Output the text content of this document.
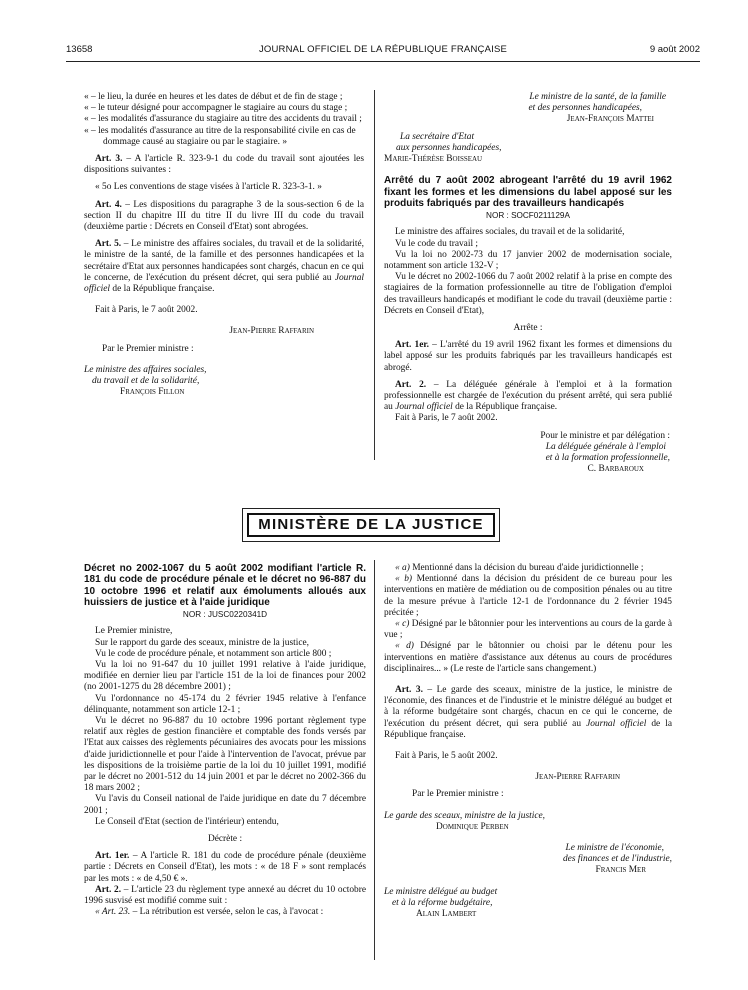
13658	JOURNAL OFFICIEL DE LA RÉPUBLIQUE FRANÇAISE	9 août 2002

« – le lieu, la durée en heures et les dates de début et de fin de stage ;

« – le tuteur désigné pour accompagner le stagiaire au cours du stage ;

« – les modalités d'assurance du stagiaire au titre des accidents du travail ;

« – les modalités d'assurance au titre de la responsabilité civile en cas de dommage causé au stagiaire ou par le stagiaire. »

Art. 3. – A l'article R. 323-9-1 du code du travail sont ajoutées les dispositions suivantes :

« 5o Les conventions de stage visées à l'article R. 323-3-1. »

Art. 4. – Les dispositions du paragraphe 3 de la sous-section 6 de la section II du chapitre III du titre II du livre III du code du travail (deuxième partie : Décrets en Conseil d'Etat) sont abrogées.

Art. 5. – Le ministre des affaires sociales, du travail et de la solidarité, le ministre de la santé, de la famille et des personnes handicapées et la secrétaire d'Etat aux personnes handicapées sont chargés, chacun en ce qui le concerne, de l'exécution du présent décret, qui sera publié au Journal officiel de la République française.

Fait à Paris, le 7 août 2002.

Jean-Pierre Raffarin

Par le Premier ministre :

Le ministre des affaires sociales,

du travail et de la solidarité,

François Fillon

Le ministre de la santé, de la famille

et des personnes handicapées,

Jean-François Mattei

La secrétaire d'Etat

aux personnes handicapées,

Marie-Thérèse Boisseau

Arrêté du 7 août 2002 abrogeant l'arrêté du 19 avril 1962 fixant les formes et les dimensions du label apposé sur les produits fabriqués par des travailleurs handicapés

NOR : SOCF0211129A

Le ministre des affaires sociales, du travail et de la solidarité,

Vu le code du travail ;

Vu la loi no 2002-73 du 17 janvier 2002 de modernisation sociale, notamment son article 132-V ;

Vu le décret no 2002-1066 du 7 août 2002 relatif à la prise en compte des stagiaires de la formation professionnelle au titre de l'obligation d'emploi des travailleurs handicapés et modifiant le code du travail (deuxième partie : Décrets en Conseil d'Etat),

Arrête :

Art. 1er. – L'arrêté du 19 avril 1962 fixant les formes et dimensions du label apposé sur les produits fabriqués par les travailleurs handicapés est abrogé.

Art. 2. – La déléguée générale à l'emploi et à la formation professionnelle est chargée de l'exécution du présent arrêté, qui sera publié au Journal officiel de la République française.

Fait à Paris, le 7 août 2002.

Pour le ministre et par délégation :

La déléguée générale à l'emploi

et à la formation professionnelle,

C. Barbaroux

MINISTÈRE DE LA JUSTICE

Décret no 2002-1067 du 5 août 2002 modifiant l'article R. 181 du code de procédure pénale et le décret no 96-887 du 10 octobre 1996 et relatif aux émoluments alloués aux huissiers de justice et à l'aide juridique

NOR : JUSC0220341D

Le Premier ministre,

Sur le rapport du garde des sceaux, ministre de la justice,

Vu le code de procédure pénale, et notamment son article 800 ;

Vu la loi no 91-647 du 10 juillet 1991 relative à l'aide juridique, modifiée en dernier lieu par l'article 151 de la loi de finances pour 2002 (no 2001-1275 du 28 décembre 2001) ;

Vu l'ordonnance no 45-174 du 2 février 1945 relative à l'enfance délinquante, notamment son article 12-1 ;

Vu le décret no 96-887 du 10 octobre 1996 portant règlement type relatif aux règles de gestion financière et comptable des fonds versés par l'Etat aux caisses des règlements pécuniaires des avocats pour les missions d'aide juridictionnelle et pour l'aide à l'intervention de l'avocat, prévue par les dispositions de la troisième partie de la loi du 10 juillet 1991, modifié par le décret no 2001-512 du 14 juin 2001 et par le décret no 2002-366 du 18 mars 2002 ;

Vu l'avis du Conseil national de l'aide juridique en date du 7 décembre 2001 ;

Le Conseil d'Etat (section de l'intérieur) entendu,

Décrète :

Art. 1er. – A l'article R. 181 du code de procédure pénale (deuxième partie : Décrets en Conseil d'Etat), les mots : « de 18 F » sont remplacés par les mots : « de 4,50 € ».

Art. 2. – L'article 23 du règlement type annexé au décret du 10 octobre 1996 susvisé est modifié comme suit :

« Art. 23. – La rétribution est versée, selon le cas, à l'avocat :

« a) Mentionné dans la décision du bureau d'aide juridictionnelle ;

« b) Mentionné dans la décision du président de ce bureau pour les interventions en matière de médiation ou de composition pénales ou au titre de la mesure prévue à l'article 12-1 de l'ordonnance du 2 février 1945 précitée ;

« c) Désigné par le bâtonnier pour les interventions au cours de la garde à vue ;

« d) Désigné par le bâtonnier ou choisi par le détenu pour les interventions en matière d'assistance aux détenus au cours de procédures disciplinaires... » (Le reste de l'article sans changement.)

Art. 3. – Le garde des sceaux, ministre de la justice, le ministre de l'économie, des finances et de l'industrie et le ministre délégué au budget et à la réforme budgétaire sont chargés, chacun en ce qui le concerne, de l'exécution du présent décret, qui sera publié au Journal officiel de la République française.

Fait à Paris, le 5 août 2002.

Jean-Pierre Raffarin

Par le Premier ministre :

Le garde des sceaux, ministre de la justice,

Dominique Perben

Le ministre de l'économie,

des finances et de l'industrie,

Francis Mer

Le ministre délégué au budget

et à la réforme budgétaire,

Alain Lambert
